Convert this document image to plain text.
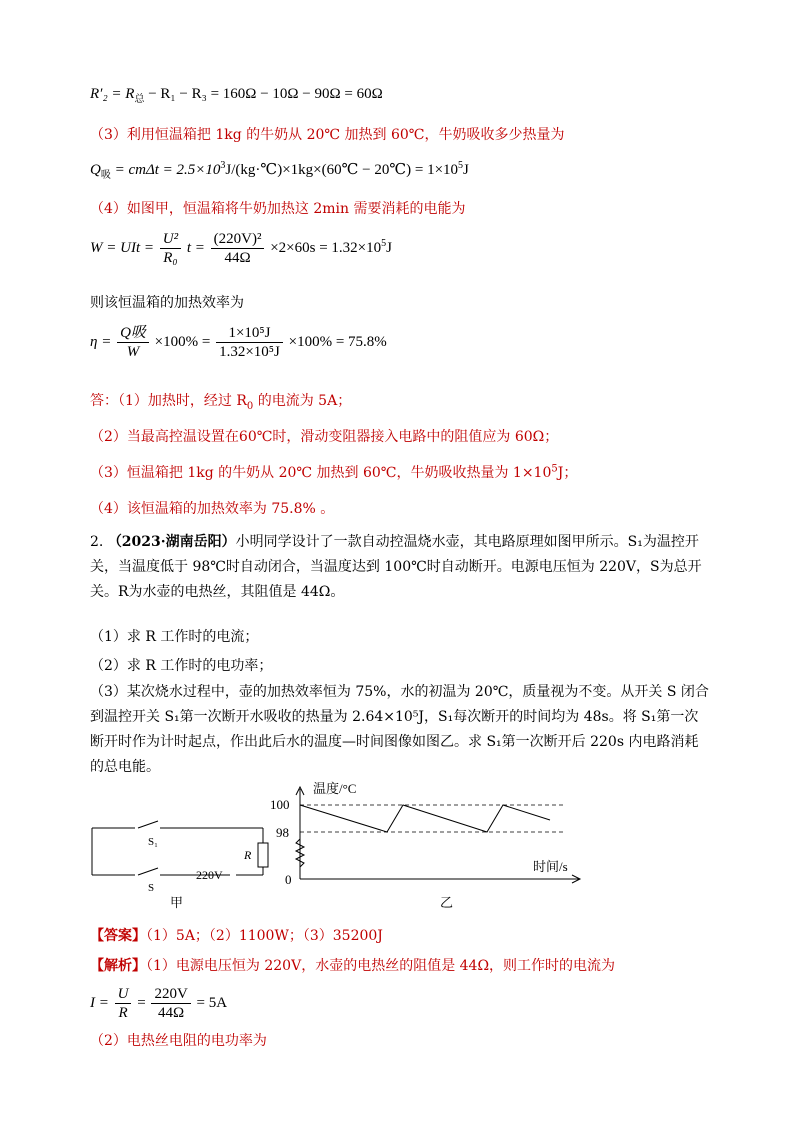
$R'_2 = R_总 - R_1 - R_3 = 160\Omega - 10\Omega - 90\Omega = 60\Omega$
（3）利用恒温箱把 1kg 的牛奶从 20℃ 加热到 60℃，牛奶吸收多少热量为
$Q_吸 = cm\Delta t$ = $2.5\times 10^3J/(kg\cdot℃)\times 1kg\times(60℃$ − 20℃) = $1\times 10^5J$
（4）如图甲，恒温箱将牛奶加热这 2min 需要消耗的电能为
W = UIt = $\frac{\text{U²}}{\text{R₀}}$ $t = \frac{\text{(220V)²}}{44\Omega} \times 2\times 60s = 1.32\times 10^5J$
则该恒温箱的加热效率为
$\eta = \frac{\text{Q吸}}{W} \times 100\% = \frac{\text{1×10⁵J}}{\text{1.32×10⁵J}} \times 100\% = 75.8\%$
答：（1）加热时，经过 $R_0$ 的电流为 5A；
（2）当最高控温设置在60℃时，滑动变阻器接入电路中的阻值应为 60Ω；
（3）恒温箱把 1kg 的牛奶从 20℃ 加热到 60℃，牛奶吸收热量为 $1\times 10^5J$；
（4）该恒温箱的加热效率为 75.8% 。
2. （2023·湖南岳阳）小明同学设计了一款自动控温烧水壶，其电路原理如图甲所示。S₁为温控开关，当温度低于 98℃时自动闭合，当温度达到 100℃时自动断开。电源电压恒为 220V，S为总开关。R为水壶的电热丝，其阻值是 44Ω。
（1）求 R 工作时的电流；
（2）求 R 工作时的电功率；
（3）某次烧水过程中，壶的加热效率恒为 75%，水的初温为 20℃，质量视为不变。从开关 S 闭合到温控开关 S₁第一次断开水吸收的热量为 2.64×10⁵J，S₁每次断开的时间均为 48s。将 S₁第一次断开时作为计时起点，作出此后水的温度—时间图像如图乙。求 S₁第一次断开后 220s 内电路消耗的总电能。
S₁
S
R
220V
甲
温度/°C
100
98
0
时间/s
乙
【答案】（1）5A；（2）1100W；（3）35200J
【解析】（1）电源电压恒为 220V，水壶的电热丝的阻值是 44Ω，则工作时的电流为
$I = \frac{U}{R} = \frac{220V}{44\Omega} = 5A$
（2）电热丝电阻的电功率为
